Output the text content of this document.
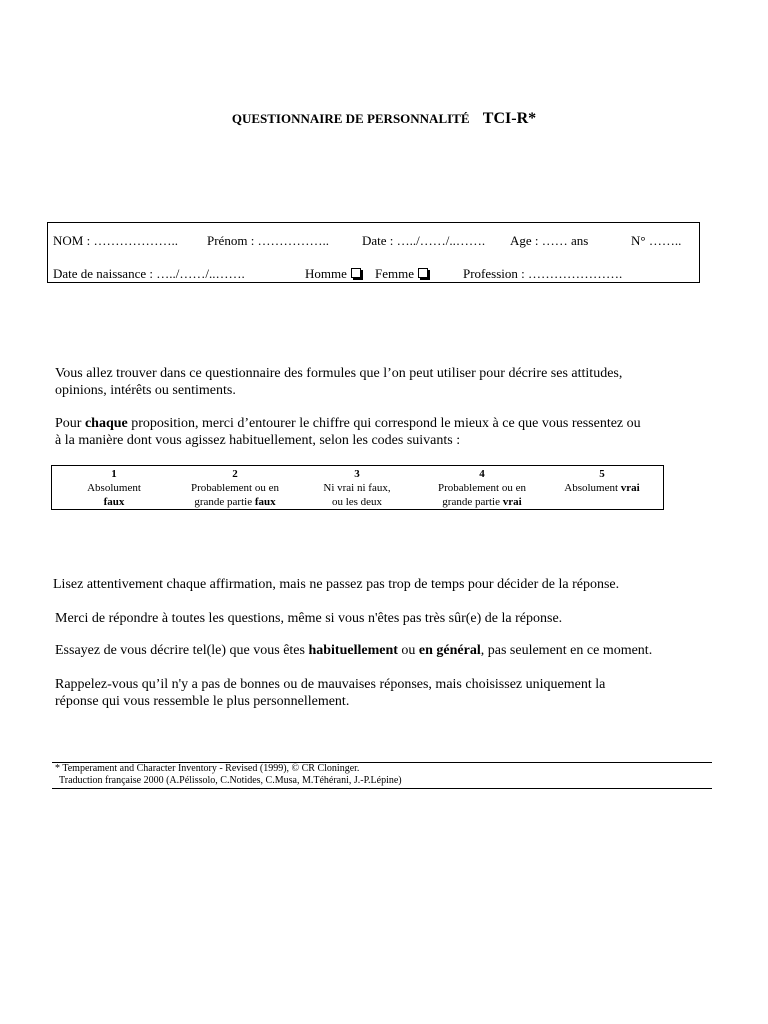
QUESTIONNAIRE DE PERSONNALITÉ TCI-R*
NOM : ……………….. Prénom : ……………..	Date : …../……/..……. Age : …… ans	N° ……..
Date de naissance : …../……/..…….	Homme	Femme	Profession : ………………….
Vous allez trouver dans ce questionnaire des formules que l’on peut utiliser pour décrire ses attitudes,
opinions, intérêts ou sentiments.
Pour chaque proposition, merci d’entourer le chiffre qui correspond le mieux à ce que vous ressentez ou
à la manière dont vous agissez habituellement, selon les codes suivants :
1
Absolument
faux
2
Probablement ou en
grande partie faux
3
Ni vrai ni faux,
ou les deux
4
Probablement ou en
grande partie vrai
5
Absolument vrai
Lisez attentivement chaque affirmation, mais ne passez pas trop de temps pour décider de la réponse.
Merci de répondre à toutes les questions, même si vous n'êtes pas très sûr(e) de la réponse.
Essayez de vous décrire tel(le) que vous êtes habituellement ou en général, pas seulement en ce moment.
Rappelez-vous qu’il n'y a pas de bonnes ou de mauvaises réponses, mais choisissez uniquement la
réponse qui vous ressemble le plus personnellement.
* Temperament and Character Inventory - Revised (1999), © CR Cloninger.
Traduction française 2000 (A.Pélissolo, C.Notides, C.Musa, M.Téhérani, J.-P.Lépine)
